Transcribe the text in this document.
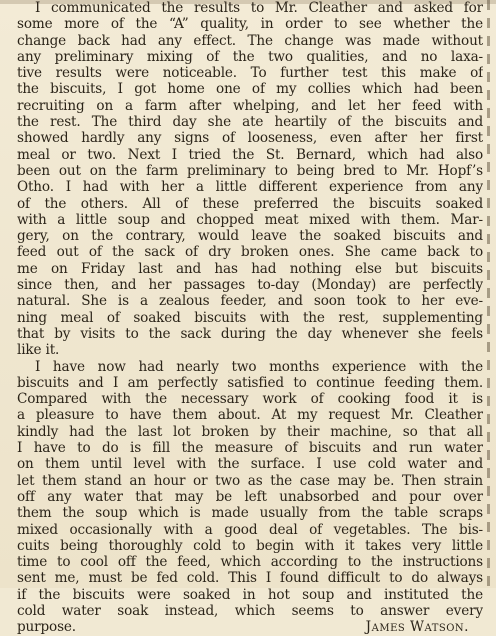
I communicated the results to Mr. Cleather and asked for
some more of the “A” quality, in order to see whether the
change back had any effect. The change was made without
any preliminary mixing of the two qualities, and no laxa-
tive results were noticeable. To further test this make of
the biscuits, I got home one of my collies which had been
recruiting on a farm after whelping, and let her feed with
the rest. The third day she ate heartily of the biscuits and
showed hardly any signs of looseness, even after her first
meal or two. Next I tried the St. Bernard, which had also
been out on the farm preliminary to being bred to Mr. Hopf’s
Otho. I had with her a little different experience from any
of the others. All of these preferred the biscuits soaked
with a little soup and chopped meat mixed with them. Mar-
gery, on the contrary, would leave the soaked biscuits and
feed out of the sack of dry broken ones. She came back to
me on Friday last and has had nothing else but biscuits
since then, and her passages to-day (Monday) are perfectly
natural. She is a zealous feeder, and soon took to her eve-
ning meal of soaked biscuits with the rest, supplementing
that by visits to the sack during the day whenever she feels
like it.
I have now had nearly two months experience with the
biscuits and I am perfectly satisfied to continue feeding them.
Compared with the necessary work of cooking food it is
a pleasure to have them about. At my request Mr. Cleather
kindly had the last lot broken by their machine, so that all
I have to do is fill the measure of biscuits and run water
on them until level with the surface. I use cold water and
let them stand an hour or two as the case may be. Then strain
off any water that may be left unabsorbed and pour over
them the soup which is made usually from the table scraps
mixed occasionally with a good deal of vegetables. The bis-
cuits being thoroughly cold to begin with it takes very little
time to cool off the feed, which according to the instructions
sent me, must be fed cold. This I found difficult to do always
if the biscuits were soaked in hot soup and instituted the
cold water soak instead, which seems to answer every
purpose.	James Watson.
